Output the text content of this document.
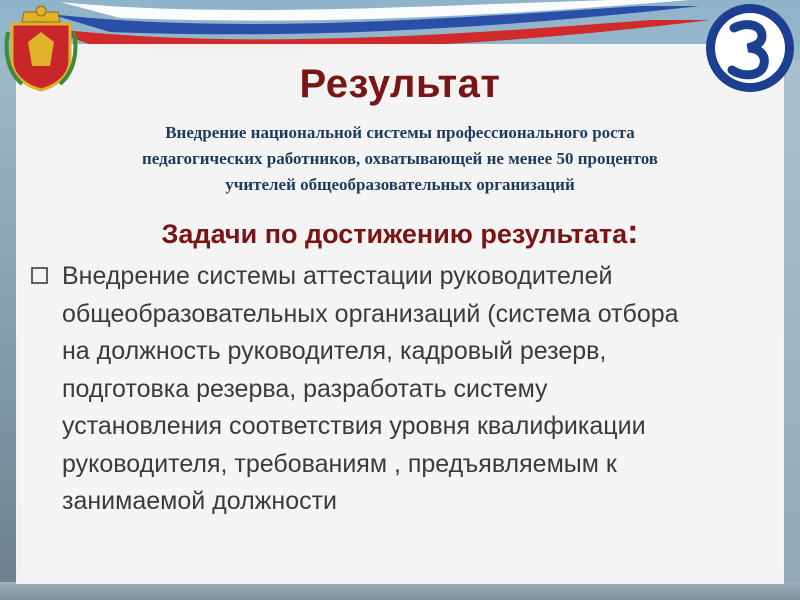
Результат
Внедрение национальной системы профессионального роста
педагогических работников, охватывающей не менее 50 процентов
учителей общеобразовательных организаций
Задачи по достижению результата:
Внедрение системы аттестации руководителей
общеобразовательных организаций (система отбора
на должность руководителя, кадровый резерв,
подготовка резерва, разработать систему
установления соответствия уровня квалификации
руководителя, требованиям , предъявляемым к
занимаемой должности
